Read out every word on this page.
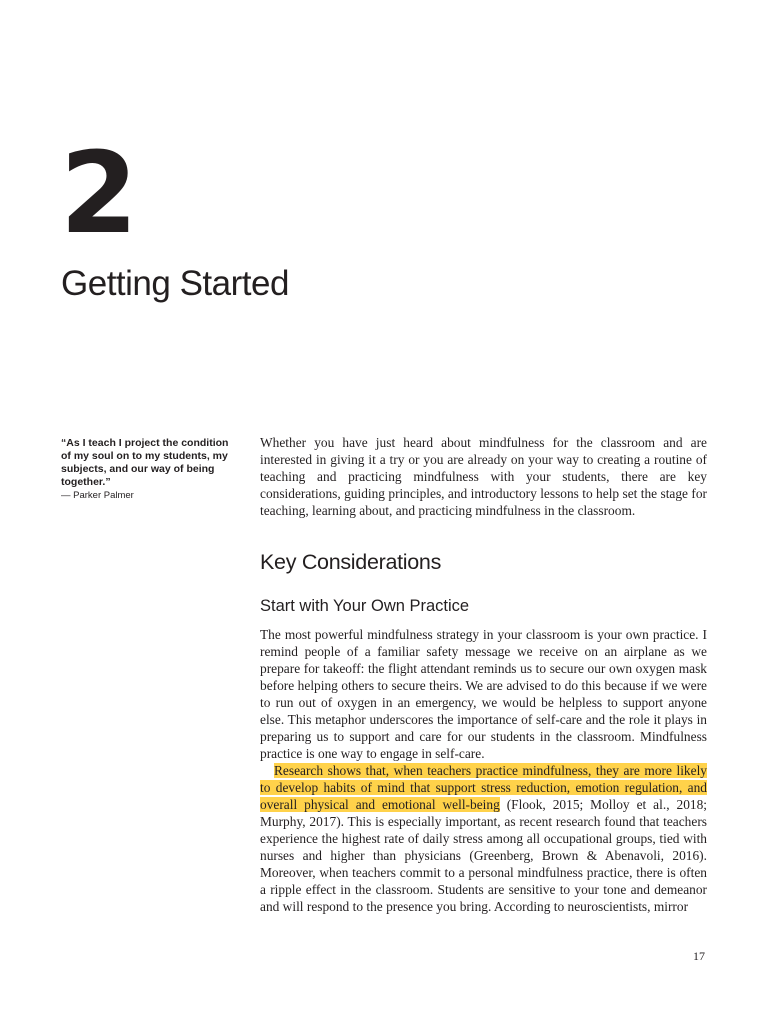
2
Getting Started
“As I teach I project the condition of my soul on to my students, my subjects, and our way of being together.”
— Parker Palmer

Whether you have just heard about mindfulness for the classroom and are interested in giving it a try or you are already on your way to creating a routine of teaching and practicing mindfulness with your students, there are key considerations, guiding principles, and introductory lessons to help set the stage for teaching, learning about, and practicing mindfulness in the classroom.

Key Considerations
Start with Your Own Practice

The most powerful mindfulness strategy in your classroom is your own practice. I remind people of a familiar safety message we receive on an airplane as we prepare for takeoff: the flight attendant reminds us to secure our own oxygen mask before helping others to secure theirs. We are advised to do this because if we were to run out of oxygen in an emergency, we would be helpless to support anyone else. This metaphor underscores the importance of self-care and the role it plays in preparing us to support and care for our students in the classroom. Mindfulness practice is one way to engage in self-care.

Research shows that, when teachers practice mindfulness, they are more likely to develop habits of mind that support stress reduction, emotion regulation, and overall physical and emotional well-being (Flook, 2015; Molloy et al., 2018; Murphy, 2017). This is especially important, as recent research found that teachers experience the highest rate of daily stress among all occupational groups, tied with nurses and higher than physicians (Greenberg, Brown & Abenavoli, 2016). Moreover, when teachers commit to a personal mindfulness practice, there is often a ripple effect in the classroom. Students are sensitive to your tone and demeanor and will respond to the presence you bring. According to neuroscientists, mirror

17
